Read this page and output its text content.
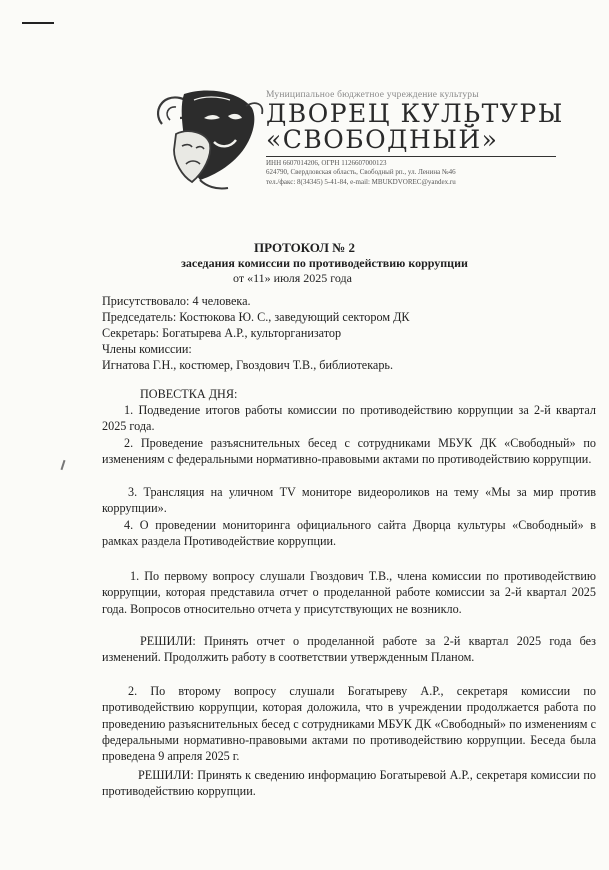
Муниципальное бюджетное учреждение культуры
ДВОРЕЦ КУЛЬТУРЫ
«СВОБОДНЫЙ»
ИНН 6607014206, ОГРН 1126607000123
624790, Свердловская область, Свободный рп., ул. Ленина №46
тел./факс: 8(34345) 5-41-84, e-mail: MBUKDVOREC@yandex.ru
ПРОТОКОЛ № 2
заседания комиссии по противодействию коррупции
от «11» июля 2025 года
Присутствовало: 4 человека.
Председатель: Костюкова Ю. С., заведующий сектором ДК
Секретарь: Богатырева А.Р., культорганизатор
Члены комиссии:
Игнатова Г.Н., костюмер, Гвоздович Т.В., библиотекарь.
ПОВЕСТКА ДНЯ:
1. Подведение итогов работы комиссии по противодействию коррупции за 2-й квартал 2025 года.
2. Проведение разъяснительных бесед с сотрудниками МБУК ДК «Свободный» по изменениям с федеральными нормативно-правовыми актами по противодействию коррупции.
3. Трансляция на уличном TV мониторе видеороликов на тему «Мы за мир против коррупции».
4. О проведении мониторинга официального сайта Дворца культуры «Свободный» в рамках раздела Противодействие коррупции.
1. По первому вопросу слушали Гвоздович Т.В., члена комиссии по противодействию коррупции, которая представила отчет о проделанной работе комиссии за 2-й квартал 2025 года. Вопросов относительно отчета у присутствующих не возникло.
РЕШИЛИ: Принять отчет о проделанной работе за 2-й квартал 2025 года без изменений. Продолжить работу в соответствии утвержденным Планом.
2. По второму вопросу слушали Богатыреву А.Р., секретаря комиссии по противодействию коррупции, которая доложила, что в учреждении продолжается работа по проведению разъяснительных бесед с сотрудниками МБУК ДК «Свободный» по изменениям с федеральными нормативно-правовыми актами по противодействию коррупции. Беседа была проведена 9 апреля 2025 г.
РЕШИЛИ: Принять к сведению информацию Богатыревой А.Р., секретаря комиссии по противодействию коррупции.
